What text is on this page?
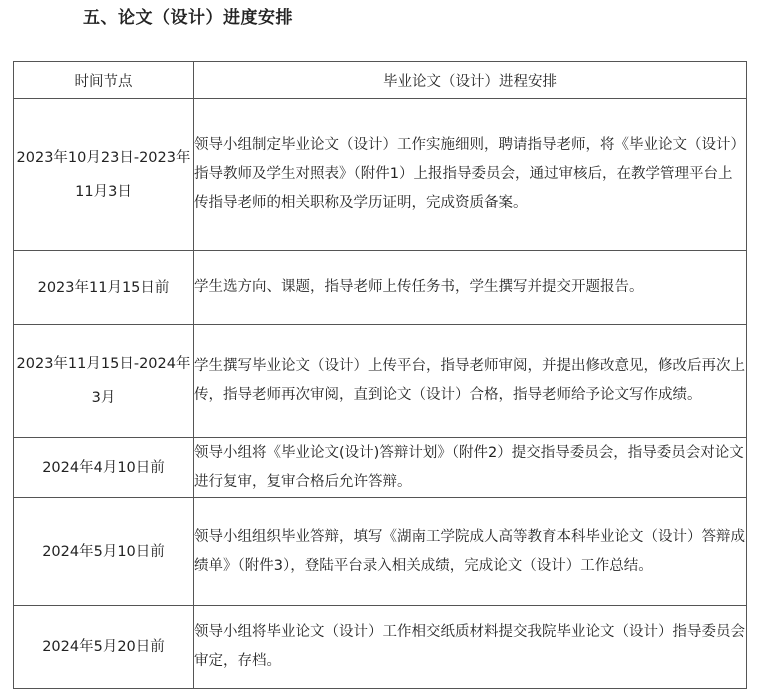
五、论文（设计）进度安排
时间节点	毕业论文（设计）进程安排

2023年10月23日-2023年11月3日	领导小组制定毕业论文（设计）工作实施细则，聘请指导老师，将《毕业论文（设计）指导教师及学生对照表》（附件1）上报指导委员会，通过审核后，在教学管理平台上传指导老师的相关职称及学历证明，完成资质备案。

2023年11月15日前	学生选方向、课题，指导老师上传任务书，学生撰写并提交开题报告。

2023年11月15日-2024年3月	学生撰写毕业论文（设计）上传平台，指导老师审阅，并提出修改意见，修改后再次上传，指导老师再次审阅，直到论文（设计）合格，指导老师给予论文写作成绩。

2024年4月10日前	领导小组将《毕业论文(设计)答辩计划》（附件2）提交指导委员会，指导委员会对论文进行复审，复审合格后允许答辩。

2024年5月10日前	领导小组组织毕业答辩，填写《湖南工学院成人高等教育本科毕业论文（设计）答辩成绩单》（附件3），登陆平台录入相关成绩，完成论文（设计）工作总结。

2024年5月20日前	领导小组将毕业论文（设计）工作相交纸质材料提交我院毕业论文（设计）指导委员会审定，存档。
